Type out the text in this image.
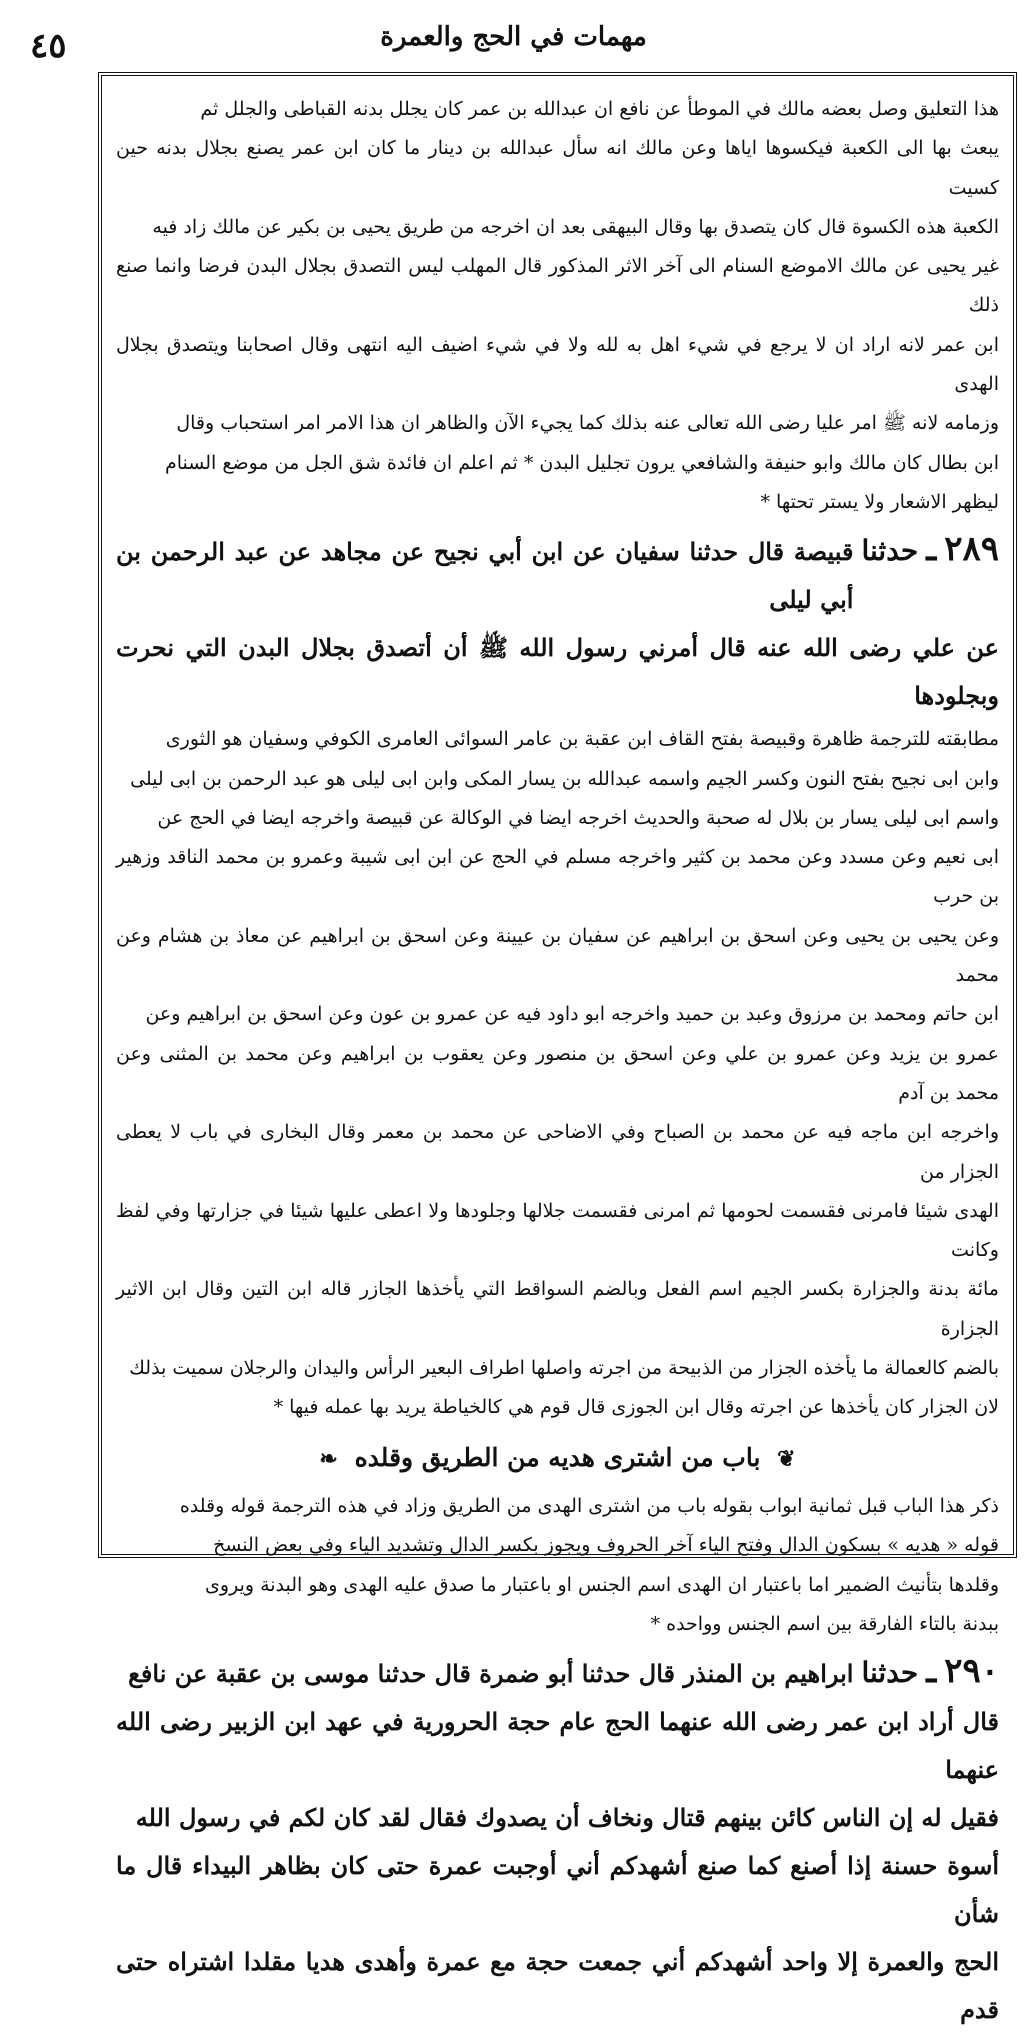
مهمات في الحج والعمرة
٤٥

هذا التعليق وصل بعضه مالك في الموطأ عن نافع ان عبدالله بن عمر كان يجلل بدنه القباطى والجلل ثم

يبعث بها الى الكعبة فيكسوها اياها وعن مالك انه سأل عبدالله بن دينار ما كان ابن عمر يصنع بجلال بدنه حين كسيت

الكعبة هذه الكسوة قال كان يتصدق بها وقال البيهقى بعد ان اخرجه من طريق يحيى بن بكير عن مالك زاد فيه

غير يحيى عن مالك الاموضع السنام الى آخر الاثر المذكور قال المهلب ليس التصدق بجلال البدن فرضا وانما صنع ذلك

ابن عمر لانه اراد ان لا يرجع في شيء اهل به لله ولا في شيء اضيف اليه انتهى وقال اصحابنا ويتصدق بجلال الهدى

وزمامه لانه ﷺ امر عليا رضى الله تعالى عنه بذلك كما يجيء الآن والظاهر ان هذا الامر امر استحباب وقال

ابن بطال كان مالك وابو حنيفة والشافعي يرون تجليل البدن * ثم اعلم ان فائدة شق الجل من موضع السنام

ليظهر الاشعار ولا يستر تحتها *

٢٨٩
ـ
حدثنا
قبيصة قال حدثنا سفيان عن ابن أبي نجيح عن مجاهد عن عبد الرحمن بن أبي ليلى

عن علي رضى الله عنه قال أمرني رسول الله ﷺ أن أتصدق بجلال البدن التي نحرت وبجلودها

مطابقته للترجمة ظاهرة وقبيصة بفتح القاف ابن عقبة بن عامر السوائى العامرى الكوفي وسفيان هو الثورى

وابن ابى نجيح بفتح النون وكسر الجيم واسمه عبدالله بن يسار المكى وابن ابى ليلى هو عبد الرحمن بن ابى ليلى

واسم ابى ليلى يسار بن بلال له صحبة والحديث اخرجه ايضا في الوكالة عن قبيصة واخرجه ايضا في الحج عن

ابى نعيم وعن مسدد وعن محمد بن كثير واخرجه مسلم في الحج عن ابن ابى شيبة وعمرو بن محمد الناقد وزهير بن حرب

وعن يحيى بن يحيى وعن اسحق بن ابراهيم عن سفيان بن عيينة وعن اسحق بن ابراهيم عن معاذ بن هشام وعن محمد

ابن حاتم ومحمد بن مرزوق وعبد بن حميد واخرجه ابو داود فيه عن عمرو بن عون وعن اسحق بن ابراهيم وعن

عمرو بن يزيد وعن عمرو بن علي وعن اسحق بن منصور وعن يعقوب بن ابراهيم وعن محمد بن المثنى وعن محمد بن آدم

واخرجه ابن ماجه فيه عن محمد بن الصباح وفي الاضاحى عن محمد بن معمر وقال البخارى في باب لا يعطى الجزار من

الهدى شيئا فامرنى فقسمت لحومها ثم امرنى فقسمت جلالها وجلودها ولا اعطى عليها شيئا في جزارتها وفي لفظ وكانت

مائة بدنة والجزارة بكسر الجيم اسم الفعل وبالضم السواقط التي يأخذها الجازر قاله ابن التين وقال ابن الاثير الجزارة

بالضم كالعمالة ما يأخذه الجزار من الذبيحة من اجرته واصلها اطراف البعير الرأس واليدان والرجلان سميت بذلك

لان الجزار كان يأخذها عن اجرته وقال ابن الجوزى قال قوم هي كالخياطة يريد بها عمله فيها *

❦ باب من اشترى هديه من الطريق وقلده ❧

ذكر هذا الباب قبل ثمانية ابواب بقوله باب من اشترى الهدى من الطريق وزاد في هذه الترجمة قوله وقلده

قوله « هديه » بسكون الدال وفتح الياء آخر الحروف ويجوز بكسر الدال وتشديد الياء وفي بعض النسخ

وقلدها بتأنيث الضمير اما باعتبار ان الهدى اسم الجنس او باعتبار ما صدق عليه الهدى وهو البدنة ويروى

ببدنة بالتاء الفارقة بين اسم الجنس وواحده *

٢٩٠
ـ
حدثنا
ابراهيم بن المنذر قال حدثنا أبو ضمرة قال حدثنا موسى بن عقبة عن نافع

قال أراد ابن عمر رضى الله عنهما الحج عام حجة الحرورية في عهد ابن الزبير رضى الله عنهما

فقيل له إن الناس كائن بينهم قتال ونخاف أن يصدوك فقال لقد كان لكم في رسول الله

أسوة حسنة إذا أصنع كما صنع أشهدكم أني أوجبت عمرة حتى كان بظاهر البيداء قال ما شأن

الحج والعمرة إلا واحد أشهدكم أني جمعت حجة مع عمرة وأهدى هديا مقلدا اشتراه حتى قدم
